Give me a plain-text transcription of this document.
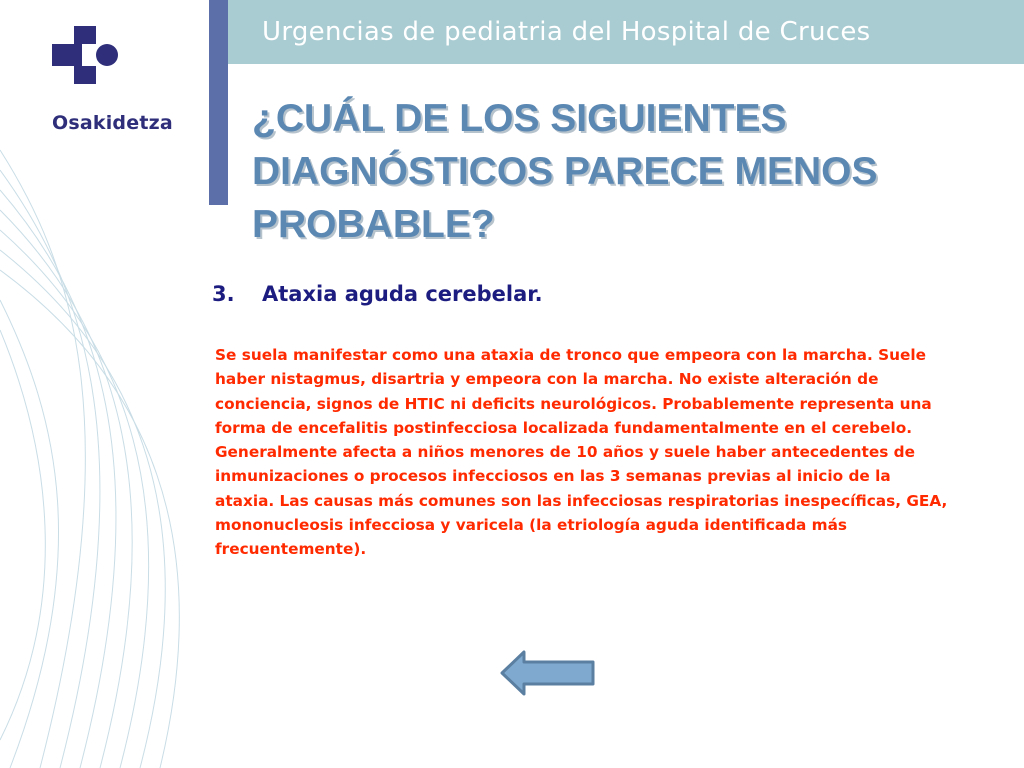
Osakidetza
Urgencias de pediatria del Hospital de Cruces
¿CUÁL DE LOS SIGUIENTES DIAGNÓSTICOS PARECE MENOS PROBABLE?
3. Ataxia aguda cerebelar.

Se suela manifestar como una ataxia de tronco que empeora con la marcha. Suele haber nistagmus, disartria y empeora con la marcha. No existe alteración de conciencia, signos de HTIC ni deficits neurológicos. Probablemente representa una forma de encefalitis postinfecciosa localizada fundamentalmente en el cerebelo. Generalmente afecta a niños menores de 10 años y suele haber antecedentes de inmunizaciones o procesos infecciosos en las 3 semanas previas al inicio de la ataxia. Las causas más comunes son las infecciosas respiratorias inespecíficas, GEA, mononucleosis infecciosa y varicela (la etriología aguda identificada más frecuentemente).
